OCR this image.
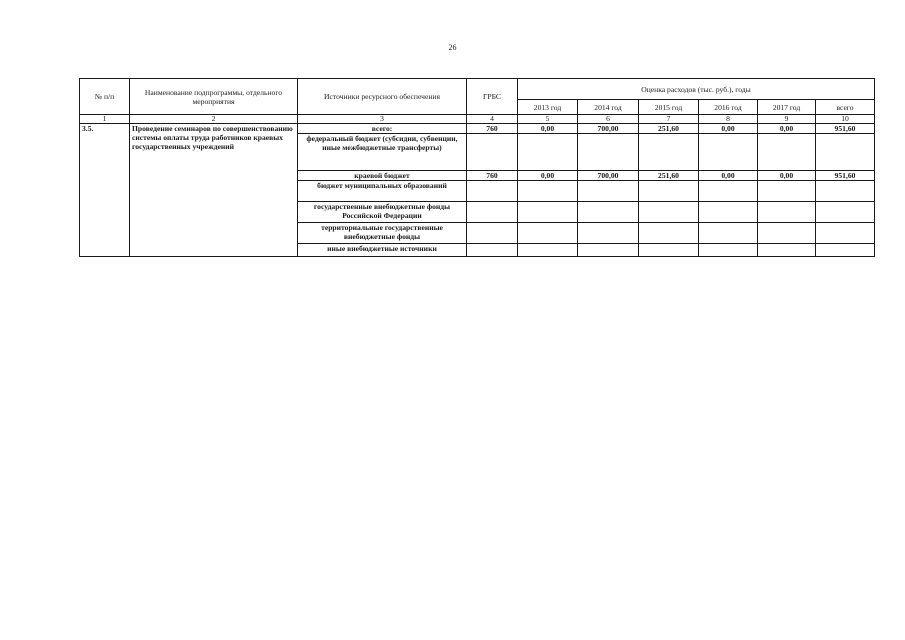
26
№ п/п	Наименование подпрограммы, отдельного мероприятия	Источники ресурсного обеспечения	ГРБС	Оценка расходов (тыс. руб.), годы					
				2013 год	2014 год	2015 год	2016 год	2017 год	всего
1	2	3	4	5	6	7	8	9	10
3.5.	Проведение семинаров по совершенствованию системы оплаты труда работников краевых государственных учреждений	всего:	760	0,00	700,00	251,60	0,00	0,00	951,60
		федеральный бюджет (субсидии, субвенции, иные межбюджетные трансферты)							
		краевой бюджет	760	0,00	700,00	251,60	0,00	0,00	951,60
		бюджет муниципальных образований							
		государственные внебюджетные фонды Российской Федерации							
		территориальные государственные внебюджетные фонды							
		иные внебюджетные источники							
